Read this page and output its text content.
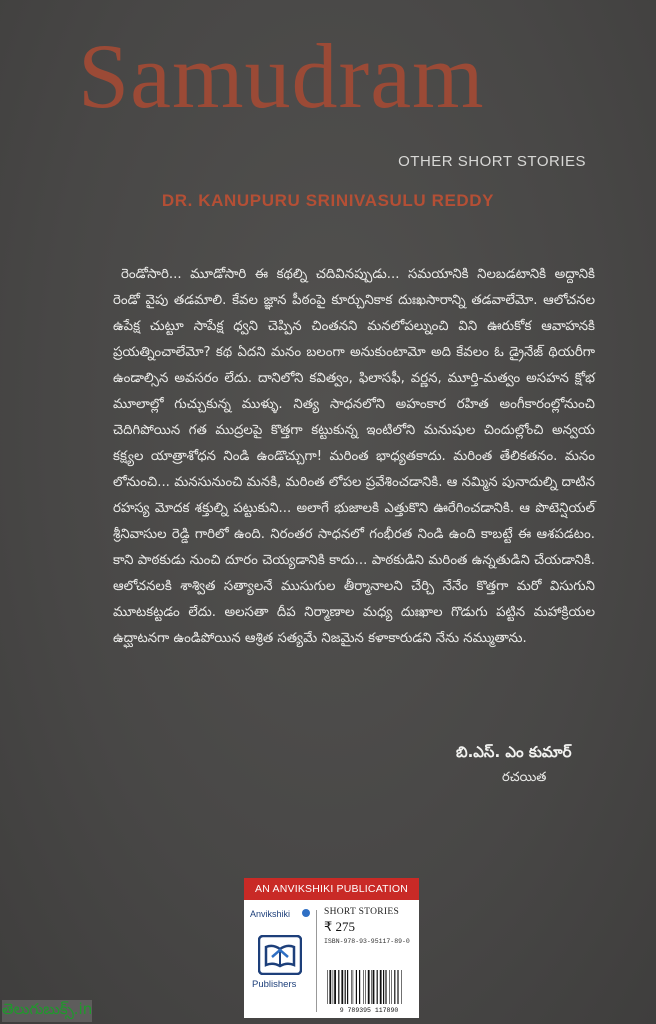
Samudram
OTHER SHORT STORIES
DR. KANUPURU SRINIVASULU REDDY
రెండోసారి... మూడోసారి ఈ కథల్ని చదివినప్పుడు... సమయానికి నిలబడటానికి అద్దానికి రెండో వైపు తడమాలి. కేవల జ్ఞాన పీఠంపై కూర్చునికాక దుఃఖసారాన్ని తడవాలేమో. ఆలోచనల ఉపేక్ష చుట్టూ సాపేక్ష ధ్వని చెప్పిన చింతనని మనలోపల్నుంచి విని ఊరుకోక ఆవాహనకి ప్రయత్నించాలేమో? కథ ఏదని మనం బలంగా అనుకుంటామో అది కేవలం ఓ డ్రైనేజ్ థియరీగా ఉండాల్సిన అవసరం లేదు. దానిలోని కవిత్వం, ఫిలాసఫీ, వర్ణన, మూర్తి-మత్వం అసహన క్షోభ మూలాల్లో గుచ్చుకున్న ముళ్ళు. నిత్య సాధనలోని అహంకార రహిత అంగీకారంల్లోనుంచి చెదిగిపోయిన గత ముద్రలపై కొత్తగా కట్టుకున్న ఇంటిలోని మనుషుల చిందుల్లోంచి అన్వయ కక్ష్యల యాత్రాశోధన నిండి ఉండొచ్చుగా! మరింత భాధ్యతకాదు. మరింత తేలికతనం. మనం లోనుంచి... మనసునుంచి మనకి, మరింత లోపల ప్రవేశించడానికి. ఆ నమ్మిన పునాదుల్ని దాటిన రహస్య మోదక శక్తుల్ని పట్టుకుని... అలాగే భుజాలకి ఎత్తుకొని ఊరేగించడానికి. ఆ పొటెన్షియల్ శ్రీనివాసుల రెడ్డి గారిలో ఉంది. నిరంతర సాధనలో గంభీరత నిండి ఉంది కాబట్టే ఈ ఆశపడటం. కాని పాఠకుడు నుంచి దూరం చెయ్యడానికి కాదు... పాఠకుడిని మరింత ఉన్నతుడిని చేయడానికి. ఆలోచనలకి శాశ్విత సత్యాలనే ముసుగుల తీర్మానాలని చేర్చి నేనేం కొత్తగా మరో విసుగుని మూటకట్టడం లేదు. అలసతా దీప నిర్మాణాల మధ్య దుఃఖాల గొడుగు పట్టిన మహాక్రియల ఉద్ఘాటనగా ఉండిపోయిన ఆశ్రిత సత్యమే నిజమైన కళాకారుడని నేను నమ్ముతాను.
బి.ఎస్. ఎం కుమార్
రచయిత
AN ANVIKSHIKI PUBLICATION
Anvikshiki
Publishers
SHORT STORIES
₹ 275
ISBN-978-93-95117-89-0
9 789395 117890
తెలుగుబుక్స్.in
